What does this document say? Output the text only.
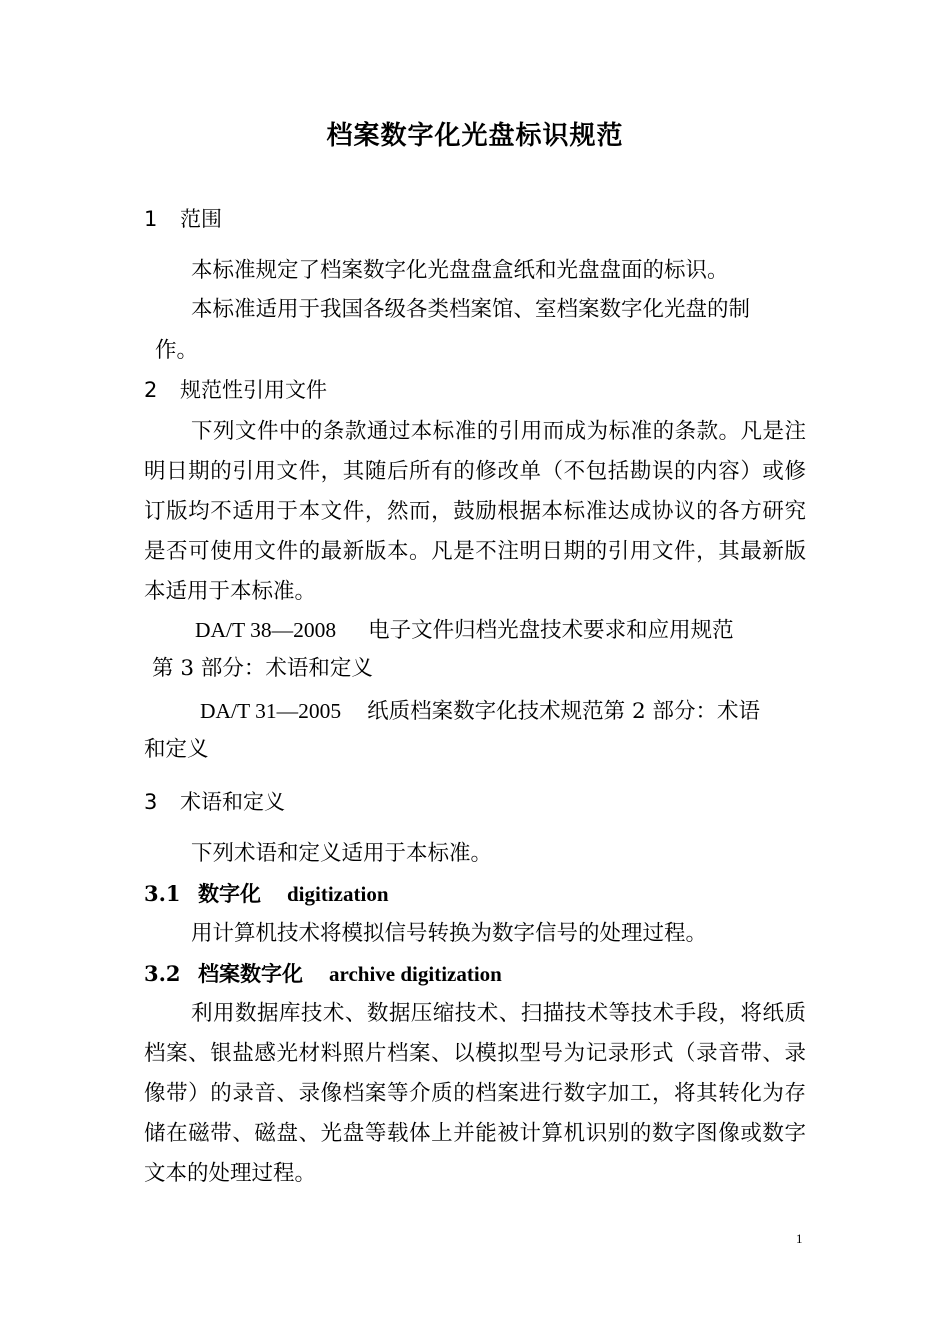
档案数字化光盘标识规范
1 范围
本标准规定了档案数字化光盘盘盒纸和光盘盘面的标识。
本标准适用于我国各级各类档案馆、室档案数字化光盘的制
作。
2 规范性引用文件

下列文件中的条款通过本标准的引用而成为标准的条款。凡是注明日期的引用文件，其随后所有的修改单（不包括勘误的内容）或修订版均不适用于本文件，然而，鼓励根据本标准达成协议的各方研究是否可使用文件的最新版本。凡是不注明日期的引用文件，其最新版本适用于本标准。

DA/T 38—2008 电子文件归档光盘技术要求和应用规范
第 3 部分：术语和定义
DA/T 31—2005 纸质档案数字化技术规范第 2 部分：术语
和定义
3 术语和定义
下列术语和定义适用于本标准。
3.1 数字化 digitization
用计算机技术将模拟信号转换为数字信号的处理过程。
3.2 档案数字化 archive digitization

利用数据库技术、数据压缩技术、扫描技术等技术手段，将纸质档案、银盐感光材料照片档案、以模拟型号为记录形式（录音带、录像带）的录音、录像档案等介质的档案进行数字加工，将其转化为存储在磁带、磁盘、光盘等载体上并能被计算机识别的数字图像或数字文本的处理过程。

1
